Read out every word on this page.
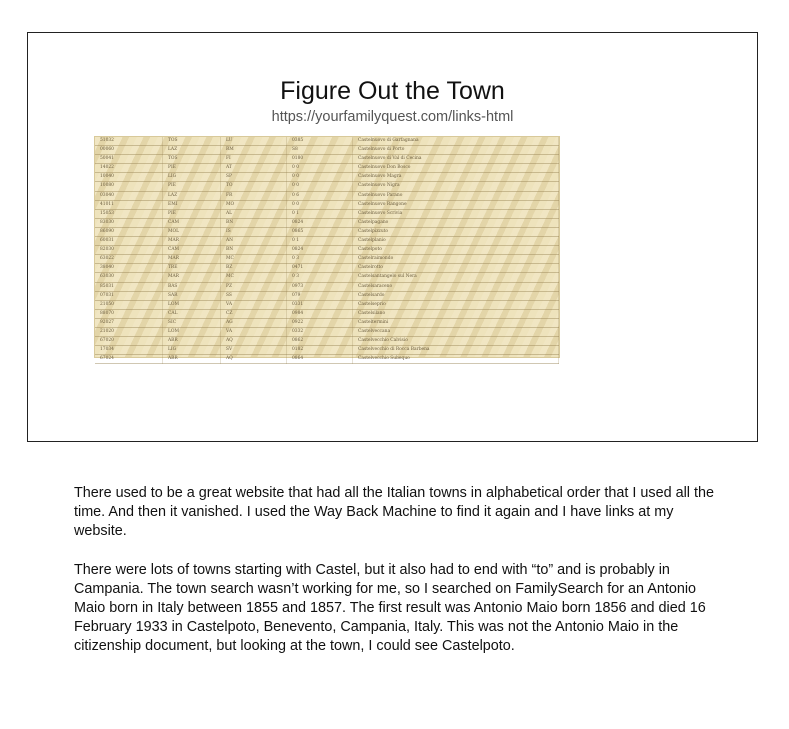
Figure Out the Town
https://yourfamilyquest.com/links-html
51032	TOS	LU	0385	Castelnuovo di Garfagnana
00060	LAZ	RM	S8	Castelnuovo di Porto
50041	TOS	FI	0180	Castelnuovo di Val di Cecina
14022	PIE	AT	0 0	Castelnuovo Don Bosco
10040	LIG	SP	0 0	Castelnuovo Magra
10080	PIE	TO	0 0	Castelnuovo Nigra
03040	LAZ	FR	0 6	Castelnuovo Parano
41011	EMI	MO	0 0	Castelnuovo Rangone
15053	PIE	AL	0 1	Castelnuovo Scrivia
83030	CAM	BN	0824	Castelpagano
86090	MOL	IS	0865	Castelpizzuto
60031	MAR	AN	0 1	Castelplanio
82030	CAM	BN	0824	Castelpoto
63022	MAR	MC	0 3	Castelraimondo
38040	TRE	BZ	0471	Castelrotto
63030	MAR	MC	0 3	Castelsantangelo sul Nera
85031	BAS	PZ	0973	Castelsaraceno
07031	SAR	SS	079	Castelsardo
21050	LOM	VA	0331	Castelseprio
88070	CAL	CZ	0984	Castelsilano
92027	SIC	AG	0922	Castelterminі
21020	LOM	VA	0332	Castelveccana
67020	ABR	AQ	0862	Castelvecchio Calvisio
17034	LIG	SV	0182	Castelvecchio di Rocca Barbena
67024	ABR	AQ	0864	Castelvecchio Subequo

There used to be a great website that had all the Italian towns in alphabetical order that I used all the time. And then it vanished. I used the Way Back Machine to find it again and I have links at my website.

There were lots of towns starting with Castel, but it also had to end with “to” and is probably in Campania. The town search wasn’t working for me, so I searched on FamilySearch for an Antonio Maio born in Italy between 1855 and 1857. The first result was Antonio Maio born 1856 and died 16 February 1933 in Castelpoto, Benevento, Campania, Italy. This was not the Antonio Maio in the citizenship document, but looking at the town, I could see Castelpoto.
